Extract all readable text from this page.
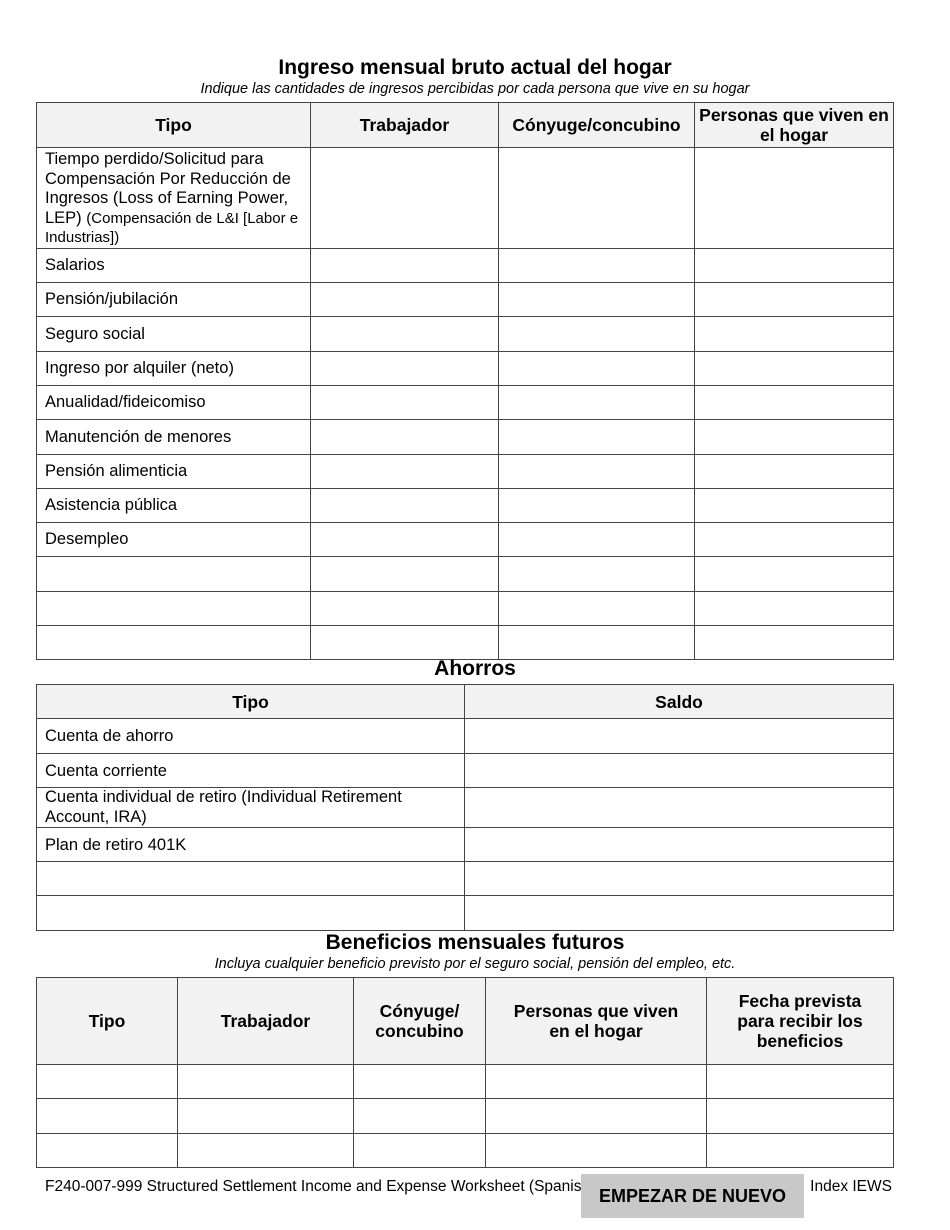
Ingreso mensual bruto actual del hogar
Indique las cantidades de ingresos percibidas por cada persona que vive en su hogar
Tipo	Trabajador	Cónyuge/concubino	Personas que viven en el hogar
Tiempo perdido/Solicitud para Compensación Por Reducción de Ingresos (Loss of Earning Power, LEP) (Compensación de L&I [Labor e Industrias])			
Salarios			
Pensión/jubilación			
Seguro social			
Ingreso por alquiler (neto)			
Anualidad/fideicomiso			
Manutención de menores			
Pensión alimenticia			
Asistencia pública			
Desempleo			

Ahorros
Tipo	Saldo
Cuenta de ahorro	
Cuenta corriente	
Cuenta individual de retiro (Individual Retirement Account, IRA)	
Plan de retiro 401K	

Beneficios mensuales futuros
Incluya cualquier beneficio previsto por el seguro social, pensión del empleo, etc.
Tipo	Trabajador	Cónyuge/ concubino	Personas que viven en el hogar	Fecha prevista para recibir los beneficios

F240-007-999 Structured Settlement Income and Expense Worksheet (Spanis	Index IEWS
EMPEZAR DE NUEVO
